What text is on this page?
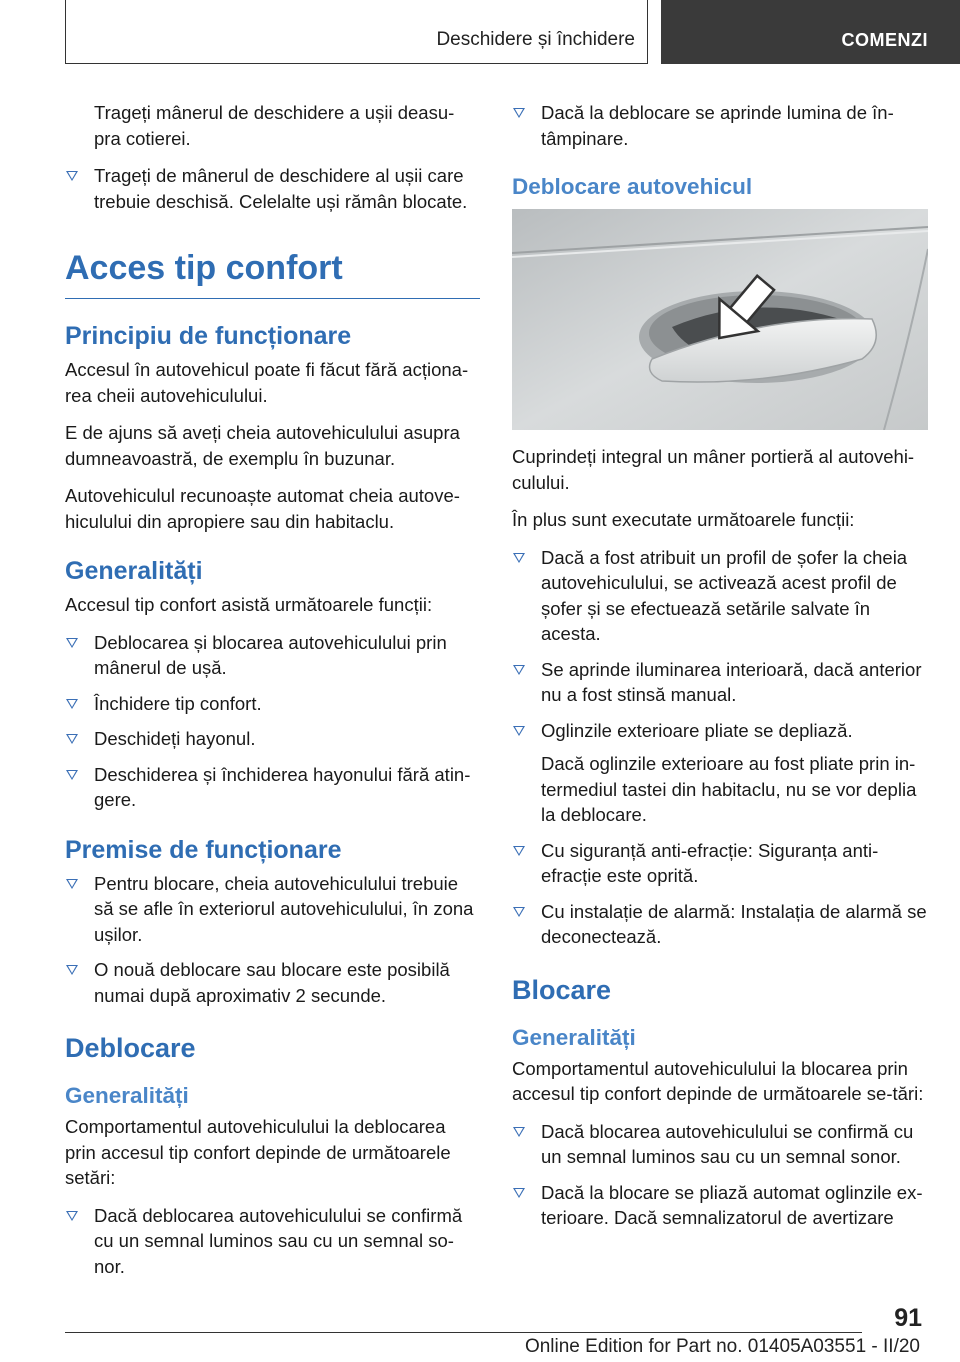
Deschidere și închidere	COMENZI

Trageți mânerul de deschidere a ușii deasu-pra cotierei.

Trageți de mânerul de deschidere al ușii care trebuie deschisă. Celelalte uși rămân blocate.
Acces tip confort
Principiu de funcționare

Accesul în autovehicul poate fi făcut fără acționa-rea cheii autovehiculului.

E de ajuns să aveți cheia autovehiculului asupra dumneavoastră, de exemplu în buzunar.

Autovehiculul recunoaște automat cheia autove-hiculului din apropiere sau din habitaclu.

Generalități

Accesul tip confort asistă următoarele funcții:

Deblocarea și blocarea autovehiculului prin mânerul de ușă.
Închidere tip confort.
Deschideți hayonul.
Deschiderea și închiderea hayonului fără atin-gere.
Premise de funcționare
Pentru blocare, cheia autovehiculului trebuie să se afle în exteriorul autovehiculului, în zona ușilor.
O nouă deblocare sau blocare este posibilă numai după aproximativ 2 secunde.
Deblocare
Generalități

Comportamentul autovehiculului la deblocarea prin accesul tip confort depinde de următoarele setări:

Dacă deblocarea autovehiculului se confirmă cu un semnal luminos sau cu un semnal so-nor.
Dacă la deblocare se aprinde lumina de în-tâmpinare.
Deblocare autovehicul

Cuprindeți integral un mâner portieră al autovehi-culului.

În plus sunt executate următoarele funcții:

Dacă a fost atribuit un profil de șofer la cheia autovehiculului, se activează acest profil de șofer și se efectuează setările salvate în acesta.
Se aprinde iluminarea interioară, dacă anterior nu a fost stinsă manual.
Oglinzile exterioare pliate se depliază.
Dacă oglinzile exterioare au fost pliate prin in-termediul tastei din habitaclu, nu se vor deplia la deblocare.
Cu siguranță anti-efracție: Siguranța anti-efracție este oprită.
Cu instalație de alarmă: Instalația de alarmă se deconectează.
Blocare
Generalități

Comportamentul autovehiculului la blocarea prin accesul tip confort depinde de următoarele se-tări:

Dacă blocarea autovehiculului se confirmă cu un semnal luminos sau cu un semnal sonor.
Dacă la blocare se pliază automat oglinzile ex-terioare. Dacă semnalizatorul de avertizare
91
Online Edition for Part no. 01405A03551 - II/20
